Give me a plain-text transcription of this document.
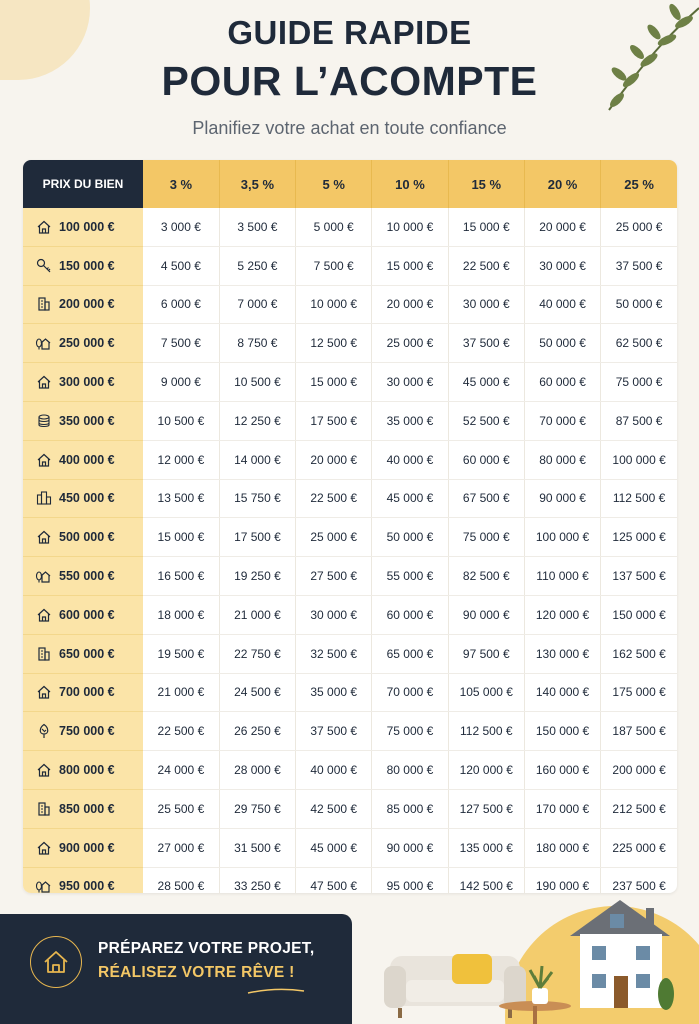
GUIDE RAPIDE
POUR L’ACOMPTE
Planifiez votre achat en toute confiance
PRIX DU BIEN	3 %	3,5 %	5 %	10 %	15 %	20 %	25 %
100 000 €	3 000 €	3 500 €	5 000 €	10 000 €	15 000 €	20 000 €	25 000 €
150 000 €	4 500 €	5 250 €	7 500 €	15 000 €	22 500 €	30 000 €	37 500 €
200 000 €	6 000 €	7 000 €	10 000 €	20 000 €	30 000 €	40 000 €	50 000 €
250 000 €	7 500 €	8 750 €	12 500 €	25 000 €	37 500 €	50 000 €	62 500 €
300 000 €	9 000 €	10 500 €	15 000 €	30 000 €	45 000 €	60 000 €	75 000 €
350 000 €	10 500 €	12 250 €	17 500 €	35 000 €	52 500 €	70 000 €	87 500 €
400 000 €	12 000 €	14 000 €	20 000 €	40 000 €	60 000 €	80 000 €	100 000 €
450 000 €	13 500 €	15 750 €	22 500 €	45 000 €	67 500 €	90 000 €	112 500 €
500 000 €	15 000 €	17 500 €	25 000 €	50 000 €	75 000 €	100 000 €	125 000 €
550 000 €	16 500 €	19 250 €	27 500 €	55 000 €	82 500 €	110 000 €	137 500 €
600 000 €	18 000 €	21 000 €	30 000 €	60 000 €	90 000 €	120 000 €	150 000 €
650 000 €	19 500 €	22 750 €	32 500 €	65 000 €	97 500 €	130 000 €	162 500 €
700 000 €	21 000 €	24 500 €	35 000 €	70 000 €	105 000 €	140 000 €	175 000 €
750 000 €	22 500 €	26 250 €	37 500 €	75 000 €	112 500 €	150 000 €	187 500 €
800 000 €	24 000 €	28 000 €	40 000 €	80 000 €	120 000 €	160 000 €	200 000 €
850 000 €	25 500 €	29 750 €	42 500 €	85 000 €	127 500 €	170 000 €	212 500 €
900 000 €	27 000 €	31 500 €	45 000 €	90 000 €	135 000 €	180 000 €	225 000 €
950 000 €	28 500 €	33 250 €	47 500 €	95 000 €	142 500 €	190 000 €	237 500 €
PRÉPAREZ VOTRE PROJET,
RÉALISEZ VOTRE RÊVE !
